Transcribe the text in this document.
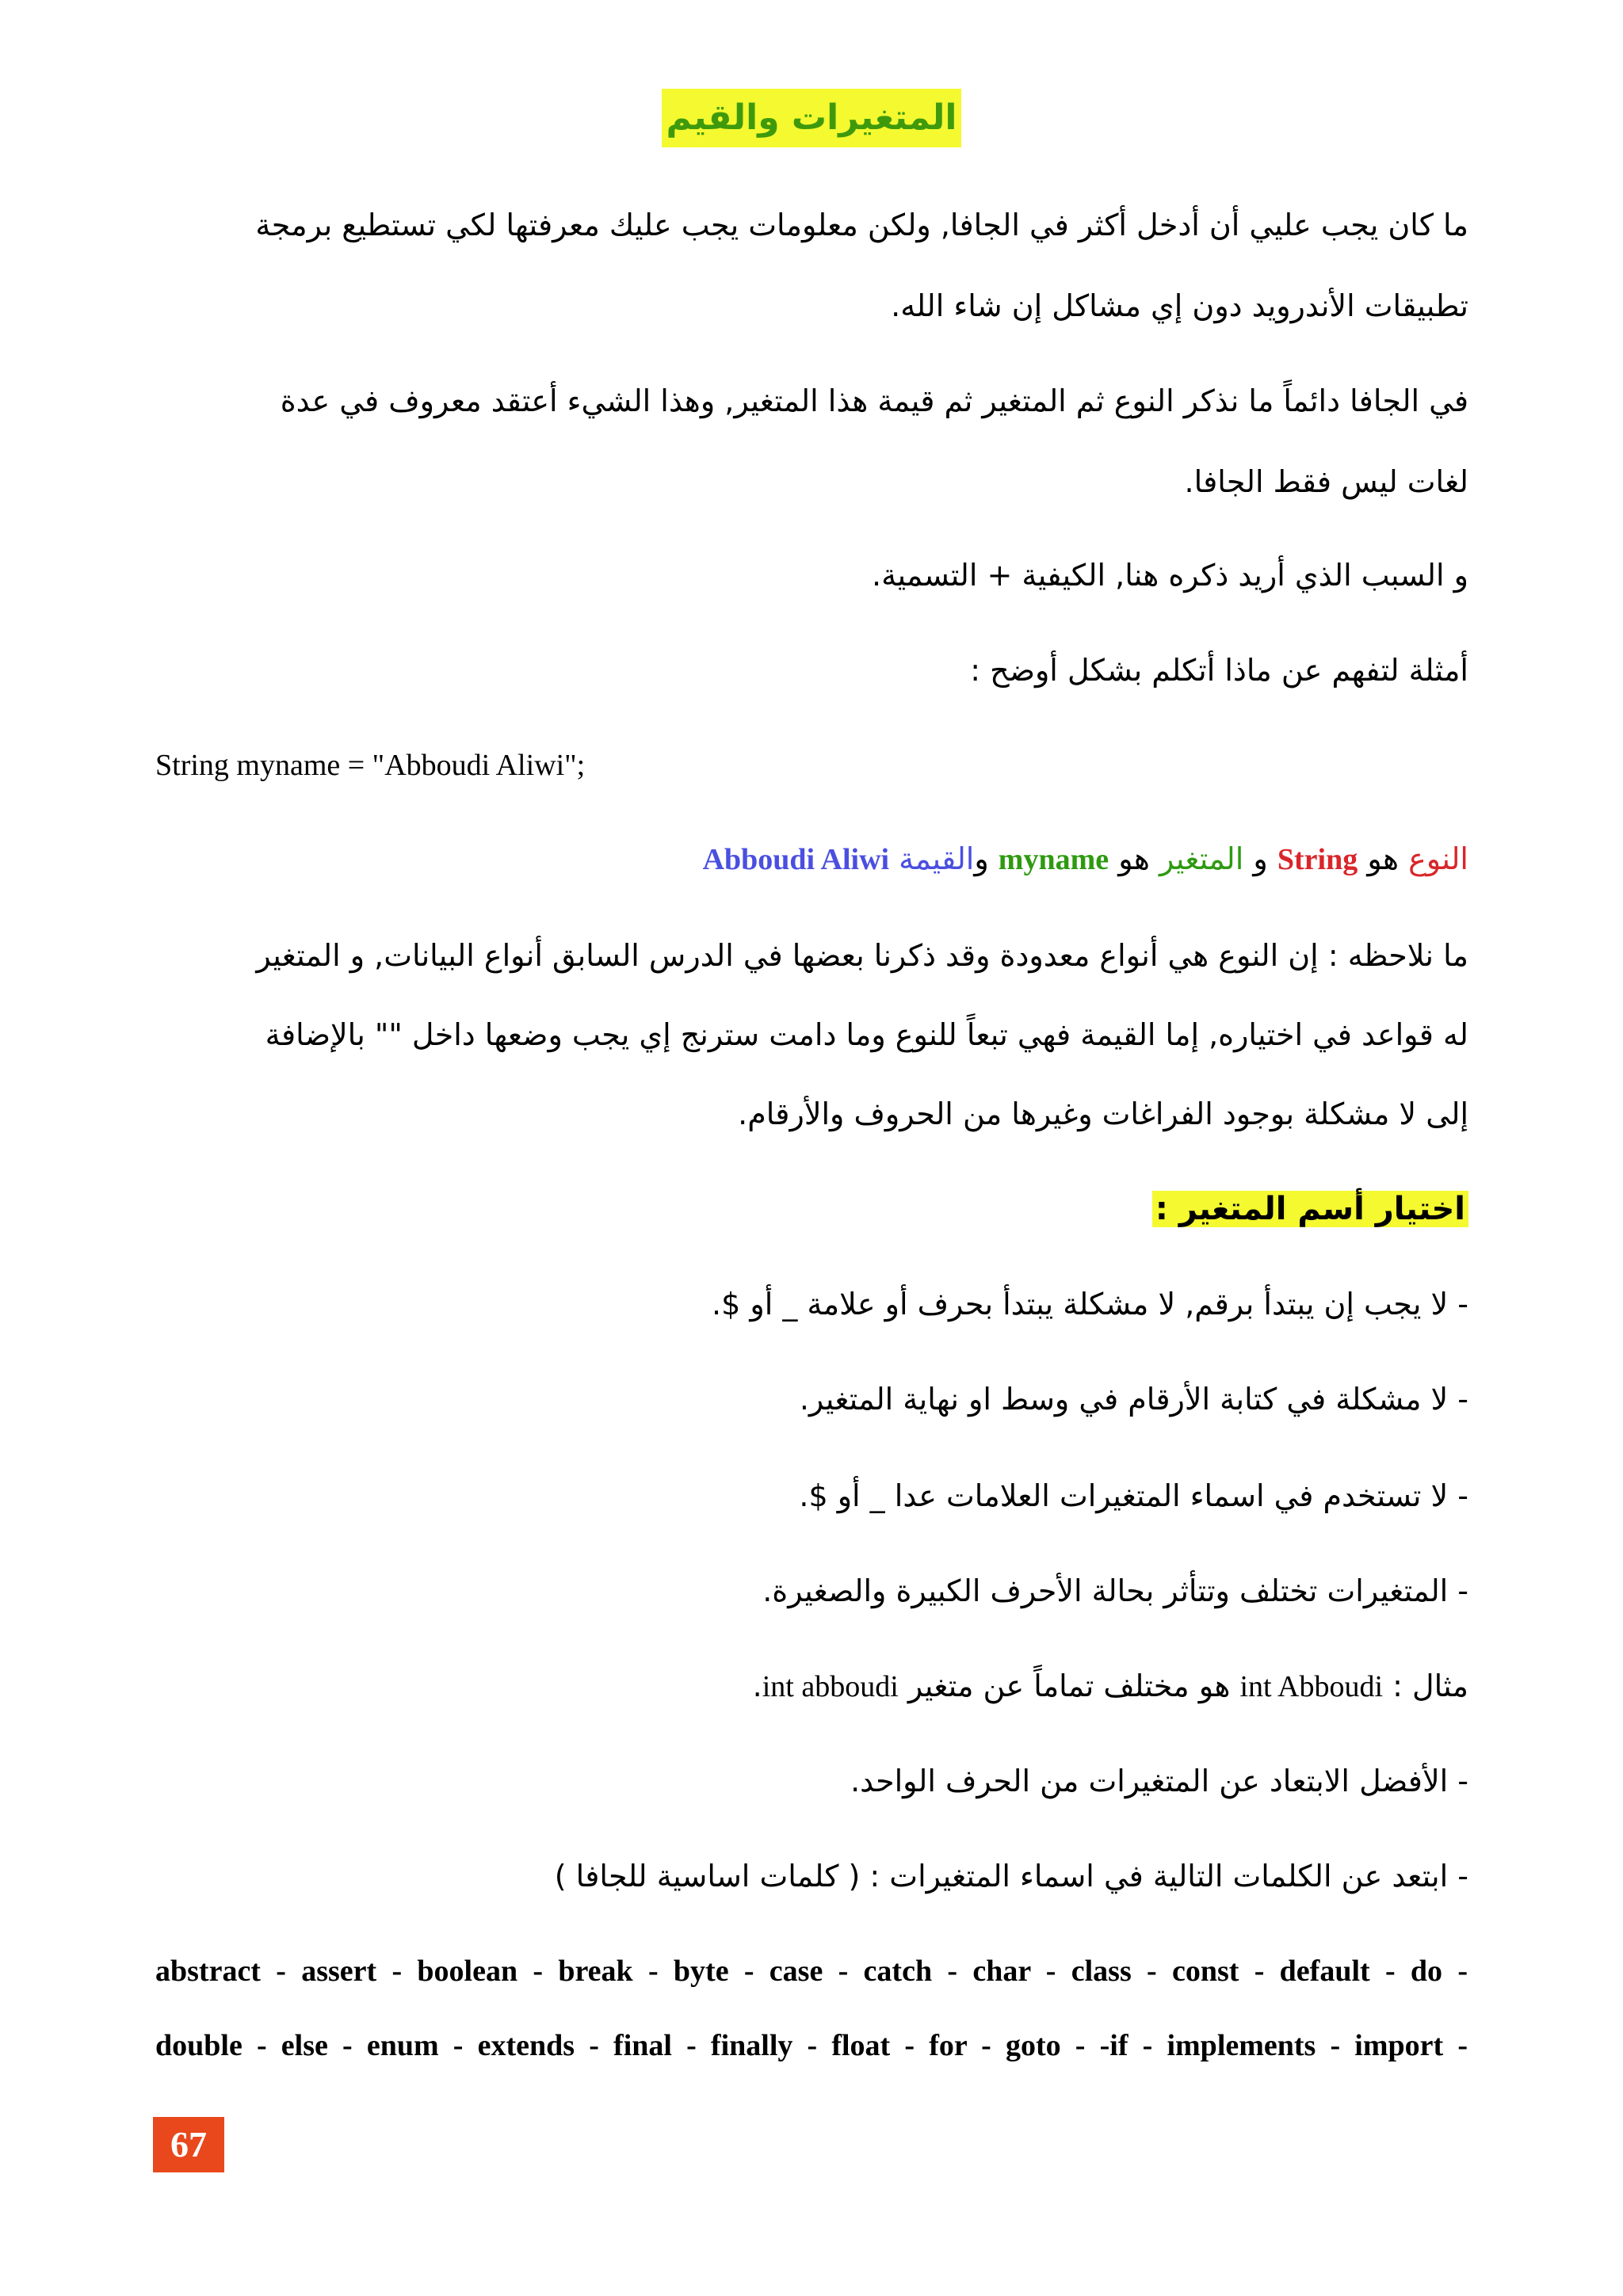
المتغيرات والقيم
ما كان يجب عليي أن أدخل أكثر في الجافا, ولكن معلومات يجب عليك معرفتها لكي تستطيع برمجة
تطبيقات الأندرويد دون إي مشاكل إن شاء الله.
في الجافا دائماً ما نذكر النوع ثم المتغير ثم قيمة هذا المتغير, وهذا الشيء أعتقد معروف في عدة
لغات ليس فقط الجافا.
و السبب الذي أريد ذكره هنا, الكيفية + التسمية.
أمثلة لتفهم عن ماذا أتكلم بشكل أوضح :
String myname = "Abboudi Aliwi";
النوع هو String و المتغير هو myname والقيمة Abboudi Aliwi
ما نلاحظه : إن النوع هي أنواع معدودة وقد ذكرنا بعضها في الدرس السابق أنواع البيانات, و المتغير
له قواعد في اختياره, إما القيمة فهي تبعاً للنوع وما دامت سترنج إي يجب وضعها داخل "" بالإضافة
إلى لا مشكلة بوجود الفراغات وغيرها من الحروف والأرقام.
اختيار أسم المتغير :
- لا يجب إن يبتدأ برقم, لا مشكلة يبتدأ بحرف أو علامة _ أو $.
- لا مشكلة في كتابة الأرقام في وسط او نهاية المتغير.
- لا تستخدم في اسماء المتغيرات العلامات عدا _ أو $.
- المتغيرات تختلف وتتأثر بحالة الأحرف الكبيرة والصغيرة.
مثال : int Abboudi هو مختلف تماماً عن متغير int abboudi.
- الأفضل الابتعاد عن المتغيرات من الحرف الواحد.
- ابتعد عن الكلمات التالية في اسماء المتغيرات : ( كلمات اساسية للجافا )
abstract - assert - boolean - break - byte - case - catch - char - class - const - default - do -
double - else - enum - extends - final - finally - float - for - goto - -if - implements - import -
67
